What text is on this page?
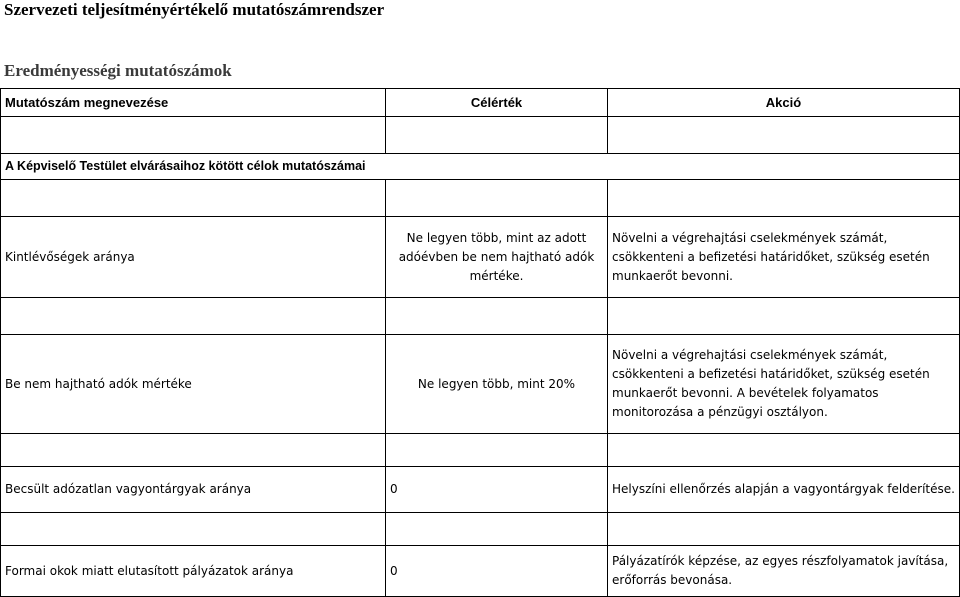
Szervezeti teljesítményértékelő mutatószámrendszer
Eredményességi mutatószámok
Mutatószám megnevezése	Célérték	Akció

A Képviselő Testület elvárásaihoz kötött célok mutatószámai		

Kintlévőségek aránya	Ne legyen több, mint az adott adóévben be nem hajtható adók mértéke.	Növelni a végrehajtási cselekmények számát, csökkenteni a befizetési határidőket, szükség esetén munkaerőt bevonni.

Be nem hajtható adók mértéke	Ne legyen több, mint 20%	Növelni a végrehajtási cselekmények számát, csökkenteni a befizetési határidőket, szükség esetén munkaerőt bevonni. A bevételek folyamatos monitorozása a pénzügyi osztályon.

Becsült adózatlan vagyontárgyak aránya	0	Helyszíni ellenőrzés alapján a vagyontárgyak felderítése.

Formai okok miatt elutasított pályázatok aránya	0	Pályázatírók képzése, az egyes részfolyamatok javítása, erőforrás bevonása.
